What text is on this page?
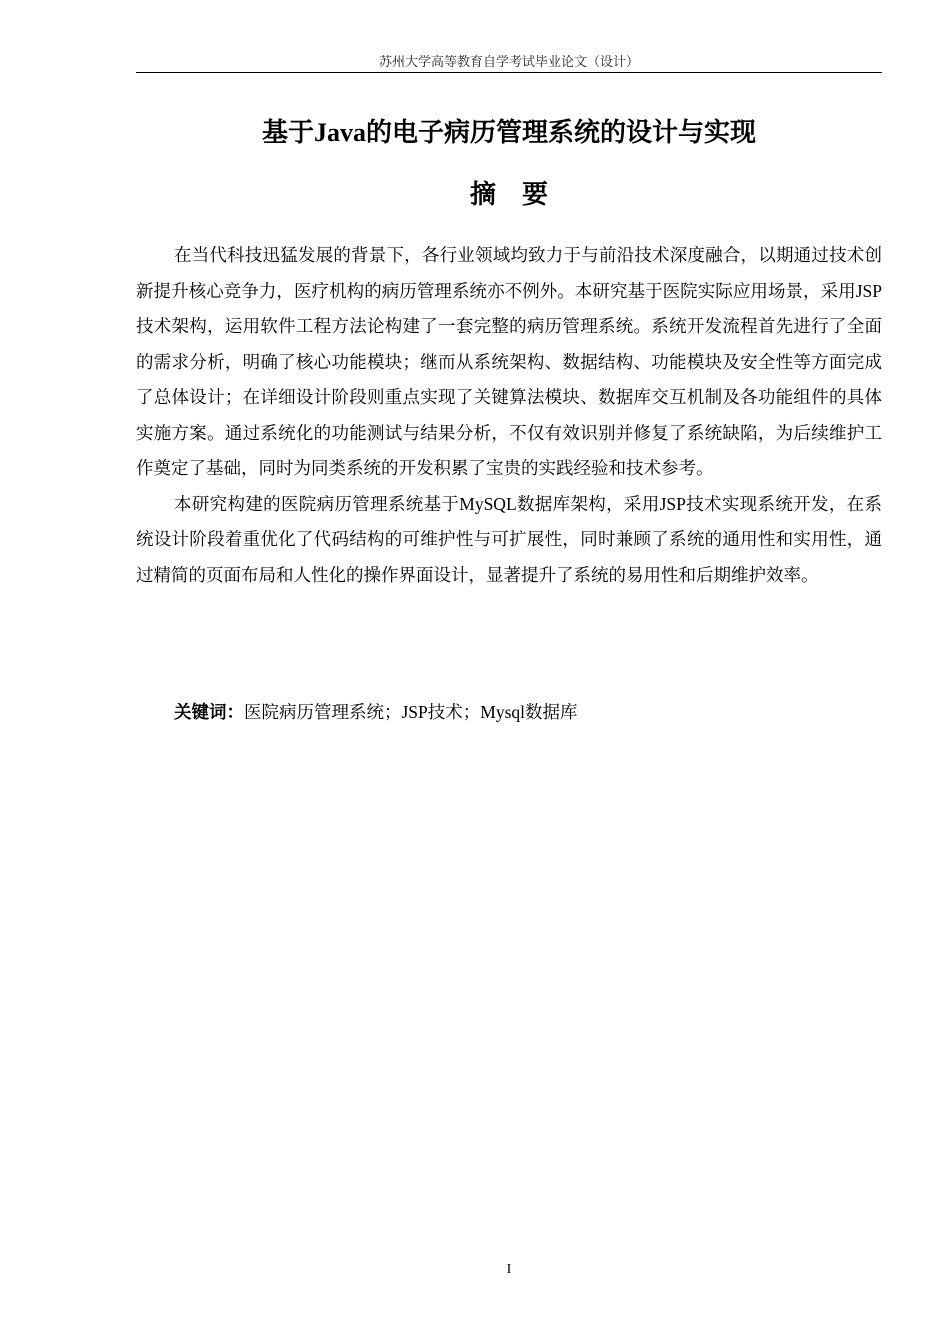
苏州大学高等教育自学考试毕业论文（设计）
基于Java的电子病历管理系统的设计与实现
摘要

在当代科技迅猛发展的背景下，各行业领域均致力于与前沿技术深度融合，以期通过技术创新提升核心竞争力，医疗机构的病历管理系统亦不例外。本研究基于医院实际应用场景，采用JSP技术架构，运用软件工程方法论构建了一套完整的病历管理系统。系统开发流程首先进行了全面的需求分析，明确了核心功能模块；继而从系统架构、数据结构、功能模块及安全性等方面完成了总体设计；在详细设计阶段则重点实现了关键算法模块、数据库交互机制及各功能组件的具体实施方案。通过系统化的功能测试与结果分析，不仅有效识别并修复了系统缺陷，为后续维护工作奠定了基础，同时为同类系统的开发积累了宝贵的实践经验和技术参考。

本研究构建的医院病历管理系统基于MySQL数据库架构，采用JSP技术实现系统开发，在系统设计阶段着重优化了代码结构的可维护性与可扩展性，同时兼顾了系统的通用性和实用性，通过精简的页面布局和人性化的操作界面设计，显著提升了系统的易用性和后期维护效率。

关键词：医院病历管理系统；JSP技术；Mysql数据库
I
